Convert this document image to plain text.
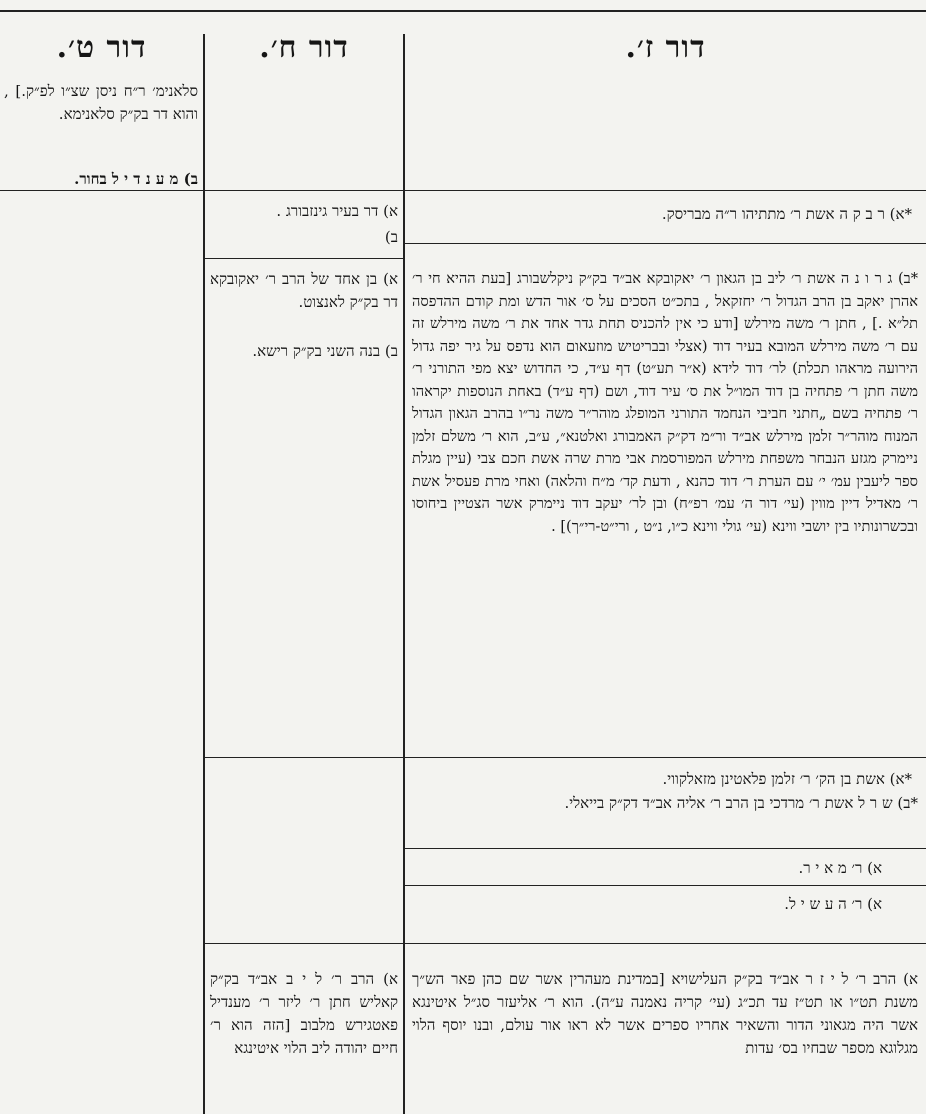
דור ז׳.
דור ח׳.
דור ט׳.
סלאנימ׳ ר״ח ניסן שצ״ו לפ״ק.] , והוא דר בק״ק סלאנימא.
ב) מ ע נ ד י ל בחור.
א) דר בעיר גינזבורג .
ב)
א) בן אחד של הרב ר׳ יאקובקא דר בק״ק לאנצוט.
ב) בנה השני בק״ק רישא.
א) הרב ר׳ ל י ב אב״ד בק״ק קאליש חתן ר׳ ליזר ר׳ מענדיל פאטגירש מלבוב [הזה הוא ר׳ חיים יהודה ליב הלוי איטינגא
*א) ר ב ק ה אשת ר׳ מתתיהו ר״ה מבריסק.
*ב) ג ר ו נ ה אשת ר׳ ליב בן הגאון ר׳ יאקובקא אב״ד בק״ק ניקלשבורג [בעת ההיא חי ר׳ אהרן יאקב בן הרב הגדול ר׳ יחזקאל , בתכ״ט הסכים על ס׳ אור הדש ומת קודם ההדפסה תל״א .] , חתן ר׳ משה מירלש [ודע כי אין להכניס תחת גדר אחד את ר׳ משה מירלש זה עם ר׳ משה מירלש המובא בעיר דוד (אצלי ובבריטיש מוזעאום הוא נדפס על גיר יפה גדול הירועה מראהו תכלת) לר׳ דוד לידא (א״ר תע״ט) דף ע״ד, כי החדוש יצא מפי התורני ר׳ משה חתן ר׳ פתחיה בן דוד המו״ל את ס׳ עיר דוד, ושם (דף ע״ד) באחת הנוספות יקראהו ר׳ פתחיה בשם „חתני חביבי הנחמד התורני המופלג מוהר״ר משה נר״ו בהרב הגאון הגדול המנוח מוהר״ר זלמן מירלש אב״ד ור״מ דק״ק האמבורג ואלטנא״, ע״ב, הוא ר׳ משלם זלמן ניימרק מגזע הנבחר משפחת מירלש המפורסמת אבי מרת שרה אשת חכם צבי (עיין מגלת ספר ליעבין עמ׳ י׳ עם הערת ר׳ דוד כהנא , ודעת קד׳ מ״ח והלאה) ואחי מרת פעסיל אשת ר׳ מאדיל דיין מווין (עי׳ דור ה׳ עמ׳ רפ״ח) ובן לר׳ יעקב דוד ניימרק אשר הצטיין ביחוסו ובכשרונותיו בין יושבי ווינא (עי׳ גולי ווינא כ״ו, נ״ט , ורי״ט-רי״ך)] .
*א) אשת בן הק׳ ר׳ זלמן פלאטינן מזאלקווי.
*ב) ש ר ל אשת ר׳ מרדכי בן הרב ר׳ אליה אב״ד דק״ק בייאלי.
א) ר׳ מ א י ר.
א) ר׳ ה ע ש י ל.
א) הרב ר׳ ל י ז ר אב״ד בק״ק העלישויא [במדינת מעהרין אשר שם כהן פאר הש״ך משנת תט״ו או תט״ז עד תכ״ג (עי׳ קריה נאמנה ע״ה). הוא ר׳ אליעזר סג״ל איטינגא אשר היה מגאוני הדור והשאיר אחריו ספרים אשר לא ראו אור עולם, ובנו יוסף הלוי מגלוגא מספר שבחיו בס׳ עדות
